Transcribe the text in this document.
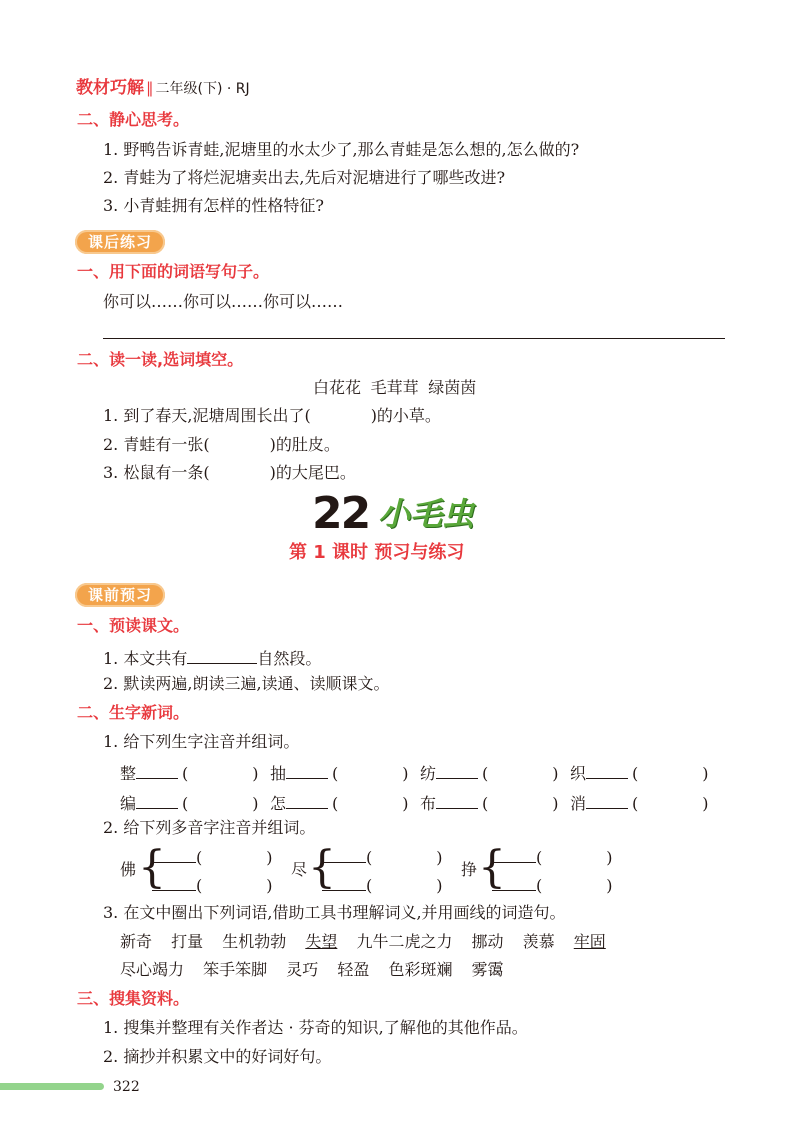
教材巧解 ‖ 二年级(下) · RJ
二、静心思考。
1. 野鸭告诉青蛙,泥塘里的水太少了,那么青蛙是怎么想的,怎么做的?
2. 青蛙为了将烂泥塘卖出去,先后对泥塘进行了哪些改进?
3. 小青蛙拥有怎样的性格特征?
课后练习
一、用下面的词语写句子。
你可以……你可以……你可以……
二、读一读,选词填空。
白花花 毛茸茸 绿茵茵
1. 到了春天,泥塘周围长出了(	)的小草。
2. 青蛙有一张(	)的肚皮。
3. 松鼠有一条(	)的大尾巴。
22 小毛虫
第 1 课时 预习与练习
课前预习
一、预读课文。
1. 本文共有	自然段。
2. 默读两遍,朗读三遍,读通、读顺课文。
二、生字新词。
1. 给下列生字注音并组词。
整	(	) 抽	(	) 纺	(	) 织	(	)
编	(	) 怎	(	) 布	(	) 消	(	)
2. 给下列多音字注音并组词。
佛 {	(	)
(	)
尽 {	(	)
(	)
挣 {	(	)
(	)
3. 在文中圈出下列词语,借助工具书理解词义,并用画线的词造句。
新奇 打量 生机勃勃 失望 九牛二虎之力 挪动 羡慕 牢固
尽心竭力 笨手笨脚 灵巧 轻盈 色彩斑斓 雾霭
三、搜集资料。
1. 搜集并整理有关作者达 · 芬奇的知识,了解他的其他作品。
2. 摘抄并积累文中的好词好句。
322
